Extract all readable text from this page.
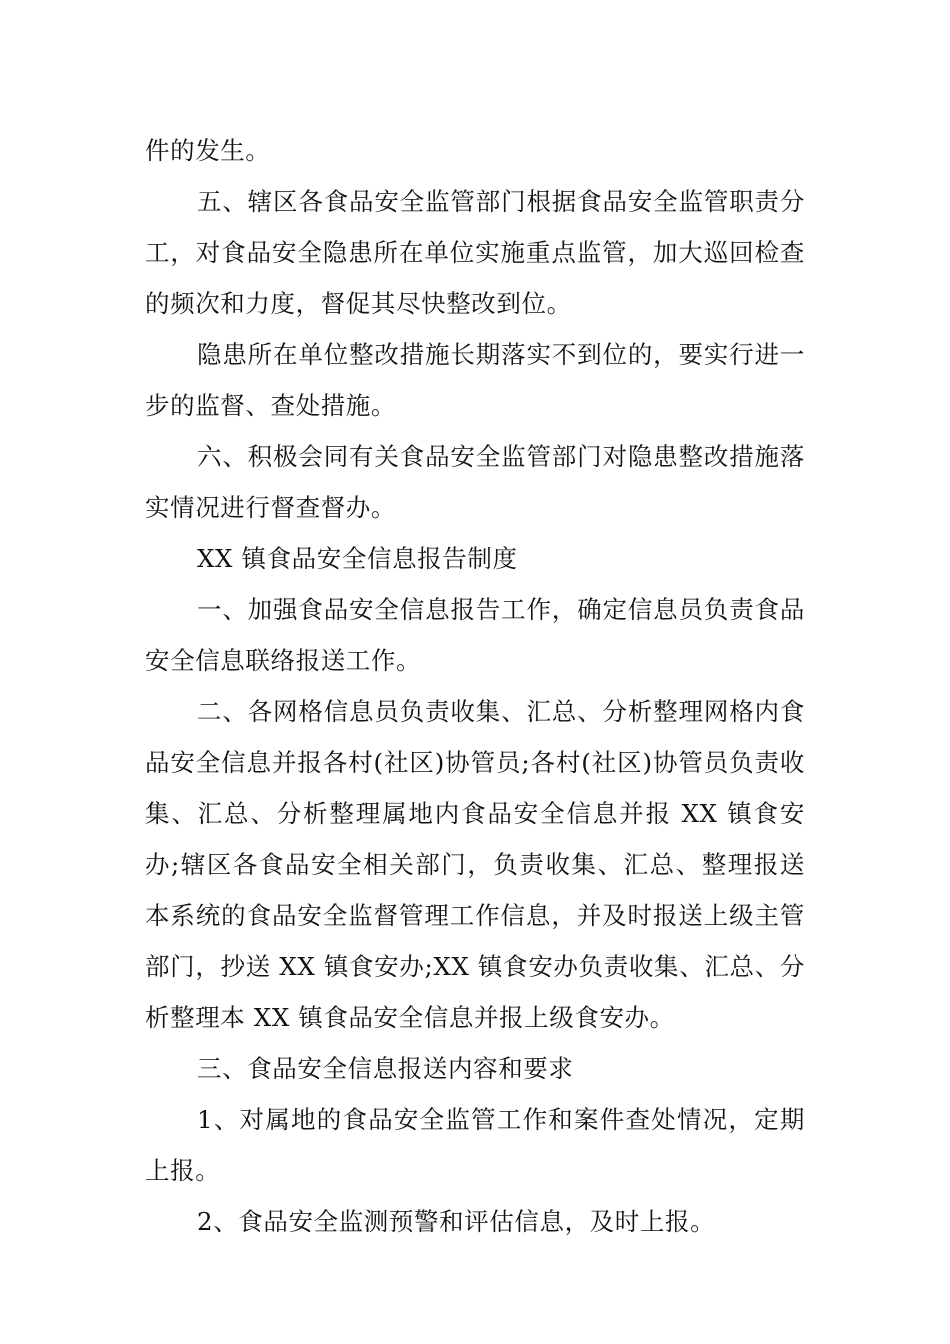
件的发生。

五、辖区各食品安全监管部门根据食品安全监管职责分工，对食品安全隐患所在单位实施重点监管，加大巡回检查的频次和力度，督促其尽快整改到位。

隐患所在单位整改措施长期落实不到位的，要实行进一步的监督、查处措施。

六、积极会同有关食品安全监管部门对隐患整改措施落 实情况进行督查督办。

XX 镇食品安全信息报告制度

一、加强食品安全信息报告工作，确定信息员负责食品安全信息联络报送工作。

二、各网格信息员负责收集、汇总、分析整理网格内食品安全信息并报各村(社区)协管员;各村(社区)协管员负责收集、汇总、分析整理属地内食品安全信息并报 XX 镇食安办;辖区各食品安全相关部门，负责收集、汇总、整理报送本系统的食品安全监督管理工作信息，并及时报送上级主管部门，抄送 XX 镇食安办;XX 镇食安办负责收集、汇总、分析整理本 XX 镇食品安全信息并报上级食安办。

三、食品安全信息报送内容和要求

1、对属地的食品安全监管工作和案件查处情况，定期上报。

2、食品安全监测预警和评估信息，及时上报。
